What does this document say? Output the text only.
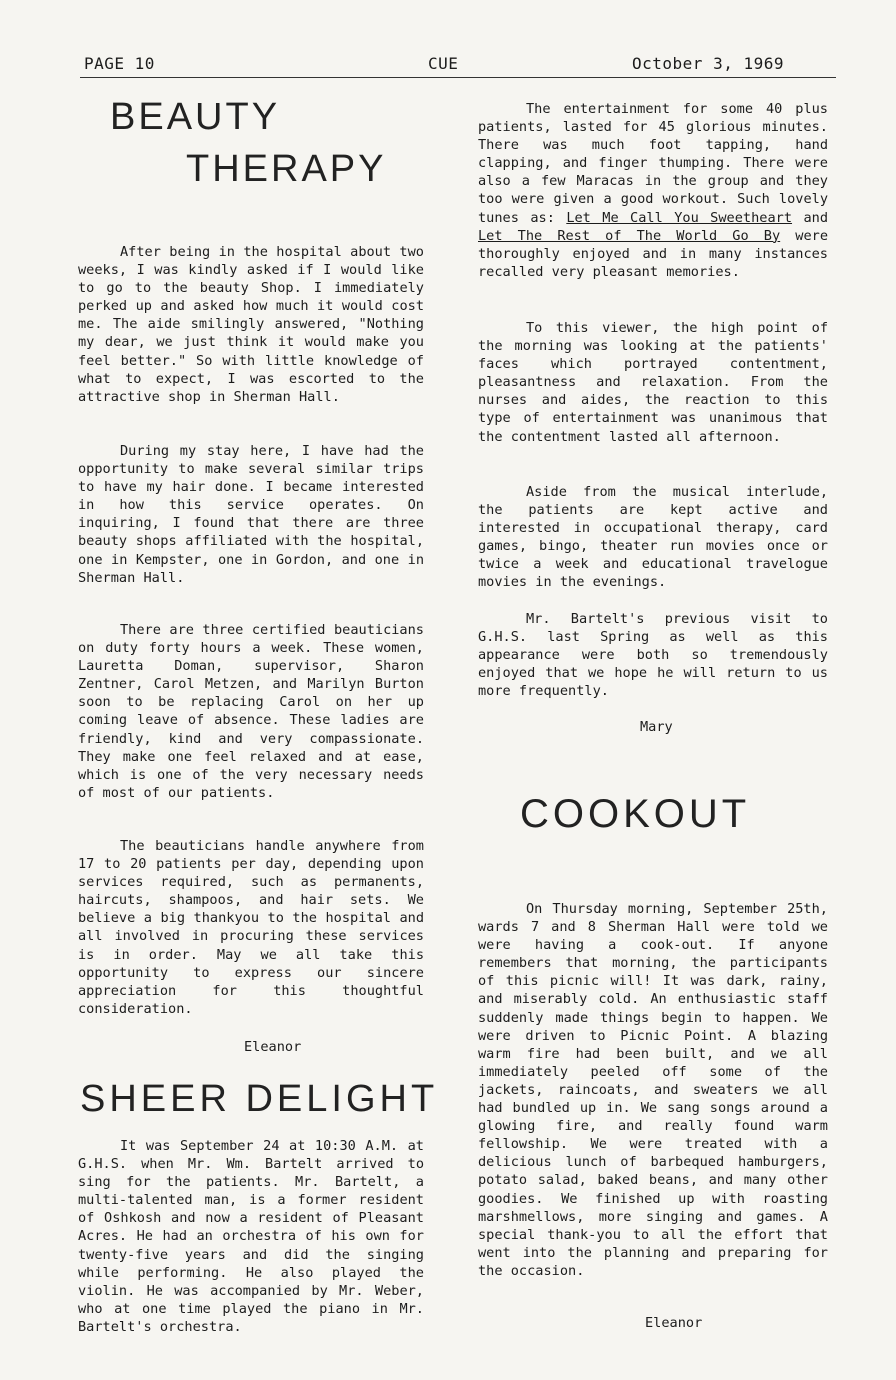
PAGE 10	CUE	October 3, 1969
BEAUTY
THERAPY

After being in the hospital about two weeks, I was kindly asked if I would like to go to the beauty Shop. I immediately perked up and asked how much it would cost me. The aide smilingly answered, "Nothing my dear, we just think it would make you feel better." So with little knowledge of what to expect, I was escorted to the attractive shop in Sherman Hall.

During my stay here, I have had the opportunity to make several similar trips to have my hair done. I became interested in how this service operates. On inquiring, I found that there are three beauty shops affiliated with the hospital, one in Kempster, one in Gordon, and one in Sherman Hall.

There are three certified beauticians on duty forty hours a week. These women, Lauretta Doman, supervisor, Sharon Zentner, Carol Metzen, and Marilyn Burton soon to be replacing Carol on her up coming leave of absence. These ladies are friendly, kind and very compassionate. They make one feel relaxed and at ease, which is one of the very necessary needs of most of our patients.

The beauticians handle anywhere from 17 to 20 patients per day, depending upon services required, such as permanents, haircuts, shampoos, and hair sets. We believe a big thankyou to the hospital and all involved in procuring these services is in order. May we all take this opportunity to express our sincere appreciation for this thoughtful consideration.

Eleanor
SHEER DELIGHT

It was September 24 at 10:30 A.M. at G.H.S. when Mr. Wm. Bartelt arrived to sing for the patients. Mr. Bartelt, a multi-talented man, is a former resident of Oshkosh and now a resident of Pleasant Acres. He had an orchestra of his own for twenty-five years and did the singing while performing. He also played the violin. He was accompanied by Mr. Weber, who at one time played the piano in Mr. Bartelt's orchestra.

The entertainment for some 40 plus patients, lasted for 45 glorious minutes. There was much foot tapping, hand clapping, and finger thumping. There were also a few Maracas in the group and they too were given a good workout. Such lovely tunes as: Let Me Call You Sweetheart and Let The Rest of The World Go By were thoroughly enjoyed and in many instances recalled very pleasant memories.

To this viewer, the high point of the morning was looking at the patients' faces which portrayed contentment, pleasantness and relaxation. From the nurses and aides, the reaction to this type of entertainment was unanimous that the contentment lasted all afternoon.

Aside from the musical interlude, the patients are kept active and interested in occupational therapy, card games, bingo, theater run movies once or twice a week and educational travelogue movies in the evenings.

Mr. Bartelt's previous visit to G.H.S. last Spring as well as this appearance were both so tremendously enjoyed that we hope he will return to us more frequently.

Mary
COOKOUT

On Thursday morning, September 25th, wards 7 and 8 Sherman Hall were told we were having a cook-out. If anyone remembers that morning, the participants of this picnic will! It was dark, rainy, and miserably cold. An enthusiastic staff suddenly made things begin to happen. We were driven to Picnic Point. A blazing warm fire had been built, and we all immediately peeled off some of the jackets, raincoats, and sweaters we all had bundled up in. We sang songs around a glowing fire, and really found warm fellowship. We were treated with a delicious lunch of barbequed hamburgers, potato salad, baked beans, and many other goodies. We finished up with roasting marshmellows, more singing and games. A special thank-you to all the effort that went into the planning and preparing for the occasion.

Eleanor
